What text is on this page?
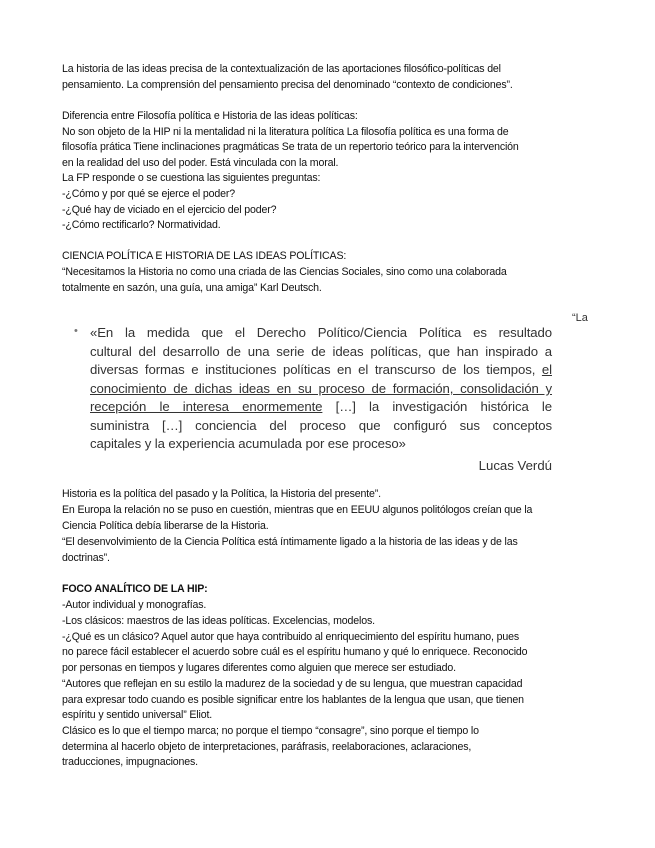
La historia de las ideas precisa de la contextualización de las aportaciones filosófico-políticas del
pensamiento. La comprensión del pensamiento precisa del denominado “contexto de condiciones”.
Diferencia entre Filosofía política e Historia de las ideas políticas:
No son objeto de la HIP ni la mentalidad ni la literatura política La filosofía política es una forma de
filosofía prática Tiene inclinaciones pragmáticas Se trata de un repertorio teórico para la intervención
en la realidad del uso del poder. Está vinculada con la moral.
La FP responde o se cuestiona las siguientes preguntas:
-¿Cómo y por qué se ejerce el poder?
-¿Qué hay de viciado en el ejercicio del poder?
-¿Cómo rectificarlo? Normatividad.
CIENCIA POLÍTICA E HISTORIA DE LAS IDEAS POLÍTICAS:
“Necesitamos la Historia no como una criada de las Ciencias Sociales, sino como una colaborada
totalmente en sazón, una guía, una amiga” Karl Deutsch.
“La
• «En la medida que el Derecho Político/Ciencia Política es resultado
cultural del desarrollo de una serie de ideas políticas, que han inspirado a
diversas formas e instituciones políticas en el transcurso de los tiempos, el
conocimiento de dichas ideas en su proceso de formación, consolidación y
recepción le interesa enormemente […] la investigación histórica le
suministra […] conciencia del proceso que configuró sus conceptos
capitales y la experiencia acumulada por ese proceso»
Lucas Verdú
Historia es la política del pasado y la Política, la Historia del presente”.
En Europa la relación no se puso en cuestión, mientras que en EEUU algunos politólogos creían que la
Ciencia Política debía liberarse de la Historia.
“El desenvolvimiento de la Ciencia Política está íntimamente ligado a la historia de las ideas y de las
doctrinas”.
FOCO ANALÍTICO DE LA HIP:
-Autor individual y monografías.
-Los clásicos: maestros de las ideas políticas. Excelencias, modelos.
-¿Qué es un clásico? Aquel autor que haya contribuido al enriquecimiento del espíritu humano, pues
no parece fácil establecer el acuerdo sobre cuál es el espíritu humano y qué lo enriquece. Reconocido
por personas en tiempos y lugares diferentes como alguien que merece ser estudiado.
“Autores que reflejan en su estilo la madurez de la sociedad y de su lengua, que muestran capacidad
para expresar todo cuando es posible significar entre los hablantes de la lengua que usan, que tienen
espíritu y sentido universal” Eliot.
Clásico es lo que el tiempo marca; no porque el tiempo “consagre”, sino porque el tiempo lo
determina al hacerlo objeto de interpretaciones, paráfrasis, reelaboraciones, aclaraciones,
traducciones, impugnaciones.
